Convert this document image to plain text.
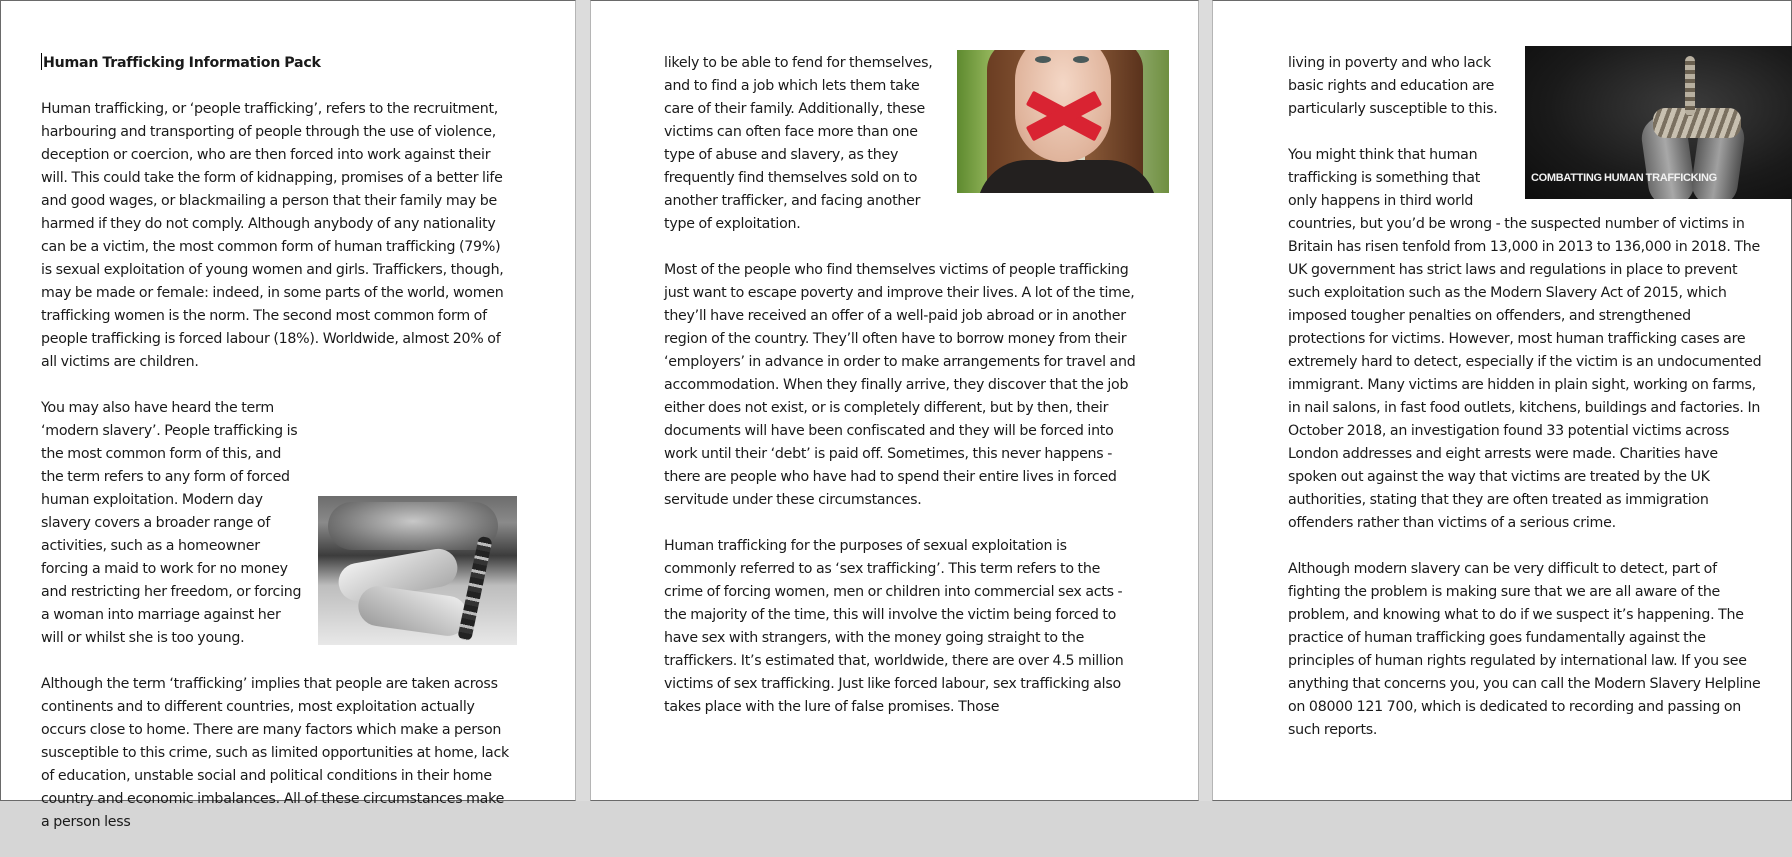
Human Trafficking Information Pack

Human trafficking, or ‘people trafficking’, refers to the recruitment, harbouring and transporting of people through the use of violence, deception or coercion, who are then forced into work against their will. This could take the form of kidnapping, promises of a better life and good wages, or blackmailing a person that their family may be harmed if they do not comply. Although anybody of any nationality can be a victim, the most common form of human trafficking (79%) is sexual exploitation of young women and girls. Traffickers, though, may be made or female: indeed, in some parts of the world, women trafficking women is the norm. The second most common form of people trafficking is forced labour (18%). Worldwide, almost 20% of all victims are children.

You may also have heard the term ‘modern slavery’. People trafficking is the most common form of this, and the term refers to any form of forced human exploitation. Modern day slavery covers a broader range of activities, such as a homeowner forcing a maid to work for no money and restricting her freedom, or forcing a woman into marriage against her will or whilst she is too young.

Although the term ‘trafficking’ implies that people are taken across continents and to different countries, most exploitation actually occurs close to home. There are many factors which make a person susceptible to this crime, such as limited opportunities at home, lack of education, unstable social and political conditions in their home country and economic imbalances. All of these circumstances make a person less

likely to be able to fend for themselves, and to find a job which lets them take care of their family. Additionally, these victims can often face more than one type of abuse and slavery, as they frequently find themselves sold on to another trafficker, and facing another type of exploitation.

Most of the people who find themselves victims of people trafficking just want to escape poverty and improve their lives. A lot of the time, they’ll have received an offer of a well-paid job abroad or in another region of the country. They’ll often have to borrow money from their ‘employers’ in advance in order to make arrangements for travel and accommodation. When they finally arrive, they discover that the job either does not exist, or is completely different, but by then, their documents will have been confiscated and they will be forced into work until their ‘debt’ is paid off. Sometimes, this never happens - there are people who have had to spend their entire lives in forced servitude under these circumstances.

Human trafficking for the purposes of sexual exploitation is commonly referred to as ‘sex trafficking’. This term refers to the crime of forcing women, men or children into commercial sex acts - the majority of the time, this will involve the victim being forced to have sex with strangers, with the money going straight to the traffickers. It’s estimated that, worldwide, there are over 4.5 million victims of sex trafficking. Just like forced labour, sex trafficking also takes place with the lure of false promises. Those

COMBATTING HUMAN TRAFFICKING

living in poverty and who lack basic rights and education are particularly susceptible to this.

You might think that human trafficking is something that only happens in third world countries, but you’d be wrong - the suspected number of victims in Britain has risen tenfold from 13,000 in 2013 to 136,000 in 2018. The UK government has strict laws and regulations in place to prevent such exploitation such as the Modern Slavery Act of 2015, which imposed tougher penalties on offenders, and strengthened protections for victims. However, most human trafficking cases are extremely hard to detect, especially if the victim is an undocumented immigrant. Many victims are hidden in plain sight, working on farms, in nail salons, in fast food outlets, kitchens, buildings and factories. In October 2018, an investigation found 33 potential victims across London addresses and eight arrests were made. Charities have spoken out against the way that victims are treated by the UK authorities, stating that they are often treated as immigration offenders rather than victims of a serious crime.

Although modern slavery can be very difficult to detect, part of fighting the problem is making sure that we are all aware of the problem, and knowing what to do if we suspect it’s happening. The practice of human trafficking goes fundamentally against the principles of human rights regulated by international law. If you see anything that concerns you, you can call the Modern Slavery Helpline on 08000 121 700, which is dedicated to recording and passing on such reports.
